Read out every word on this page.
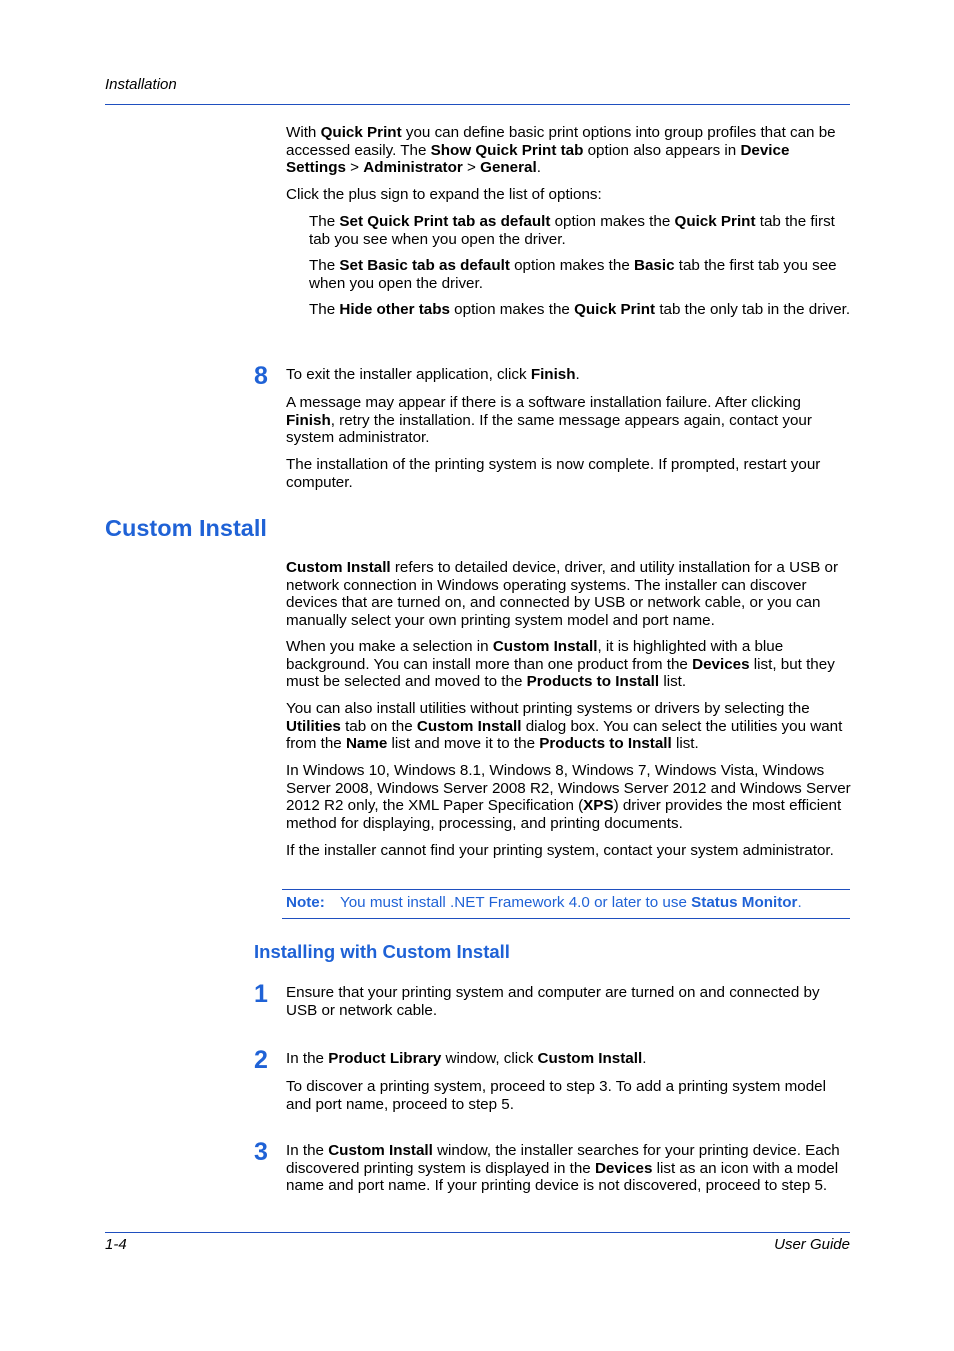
Installation

With Quick Print you can define basic print options into group profiles that can be accessed easily. The Show Quick Print tab option also appears in Device Settings > Administrator > General.

Click the plus sign to expand the list of options:

The Set Quick Print tab as default option makes the Quick Print tab the first tab you see when you open the driver.

The Set Basic tab as default option makes the Basic tab the first tab you see when you open the driver.

The Hide other tabs option makes the Quick Print tab the only tab in the driver.

8	To exit the installer application, click Finish.

A message may appear if there is a software installation failure. After clicking Finish, retry the installation. If the same message appears again, contact your system administrator.

The installation of the printing system is now complete. If prompted, restart your computer.

Custom Install

Custom Install refers to detailed device, driver, and utility installation for a USB or network connection in Windows operating systems. The installer can discover devices that are turned on, and connected by USB or network cable, or you can manually select your own printing system model and port name.

When you make a selection in Custom Install, it is highlighted with a blue background. You can install more than one product from the Devices list, but they must be selected and moved to the Products to Install list.

You can also install utilities without printing systems or drivers by selecting the Utilities tab on the Custom Install dialog box. You can select the utilities you want from the Name list and move it to the Products to Install list.

In Windows 10, Windows 8.1, Windows 8, Windows 7, Windows Vista, Windows Server 2008, Windows Server 2008 R2, Windows Server 2012 and Windows Server 2012 R2 only, the XML Paper Specification (XPS) driver provides the most efficient method for displaying, processing, and printing documents.

If the installer cannot find your printing system, contact your system administrator.

Note: You must install .NET Framework 4.0 or later to use Status Monitor.
Installing with Custom Install
1	Ensure that your printing system and computer are turned on and connected by USB or network cable.

2	In the Product Library window, click Custom Install.

To discover a printing system, proceed to step 3. To add a printing system model and port name, proceed to step 5.

3	In the Custom Install window, the installer searches for your printing device. Each discovered printing system is displayed in the Devices list as an icon with a model name and port name. If your printing device is not discovered, proceed to step 5.

1-4	User Guide
